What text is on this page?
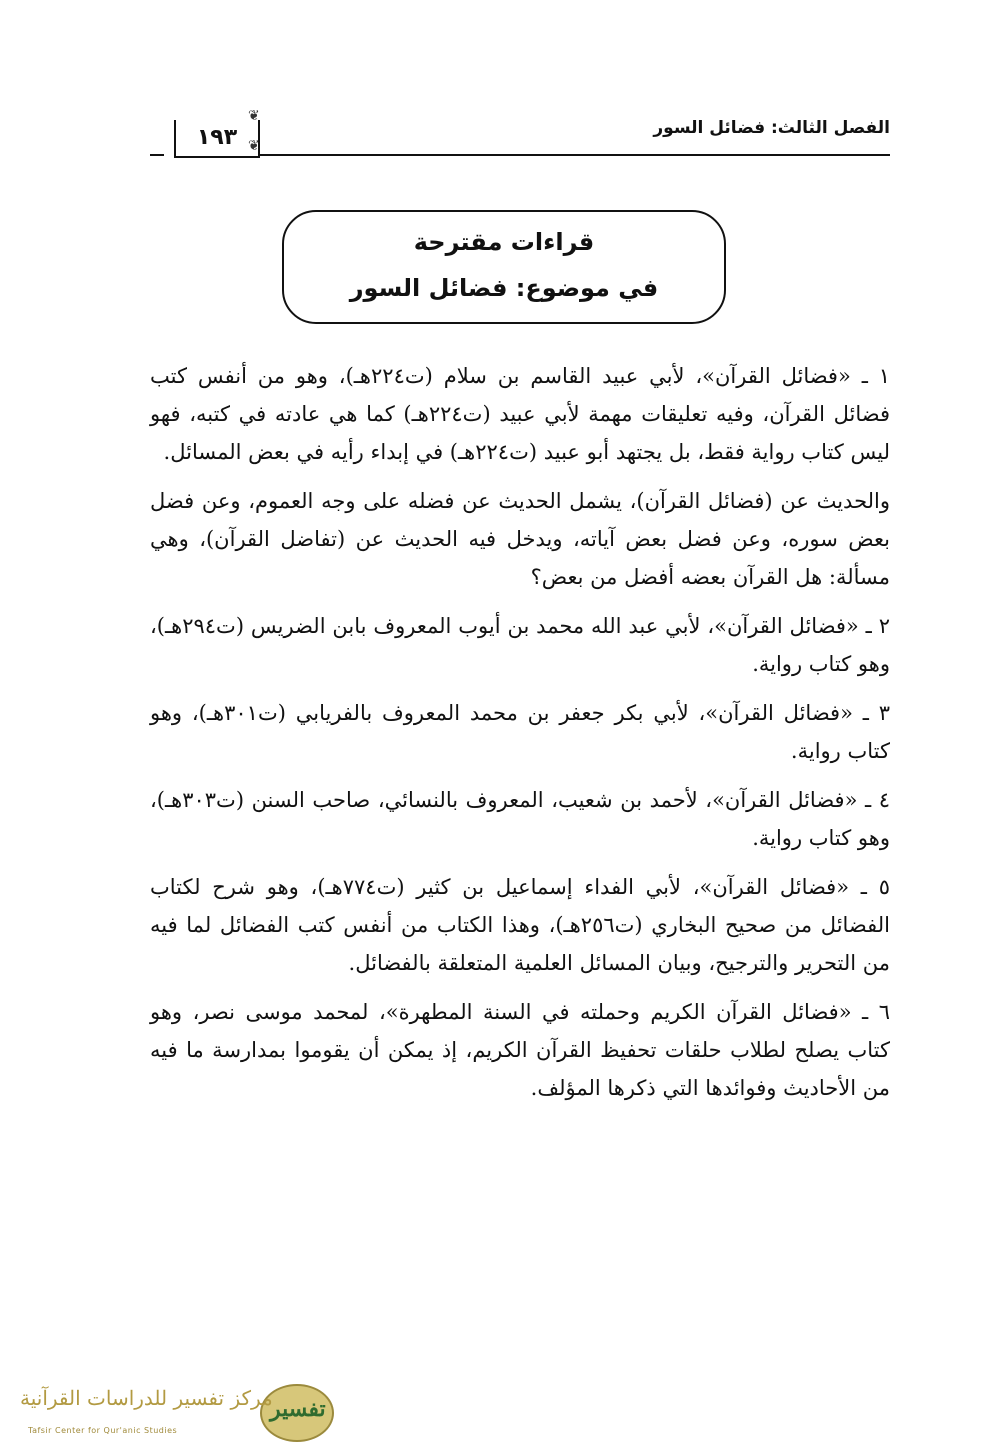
❦
❦
١٩٣	الفصل الثالث: فضائل السور
قراءات مقترحة
في موضوع: فضائل السور

١ ـ «فضائل القرآن»، لأبي عبيد القاسم بن سلام (ت٢٢٤هـ)، وهو من أنفس كتب فضائل القرآن، وفيه تعليقات مهمة لأبي عبيد (ت٢٢٤هـ) كما هي عادته في كتبه، فهو ليس كتاب رواية فقط، بل يجتهد أبو عبيد (ت٢٢٤هـ) في إبداء رأيه في بعض المسائل.

والحديث عن (فضائل القرآن)، يشمل الحديث عن فضله على وجه العموم، وعن فضل بعض سوره، وعن فضل بعض آياته، ويدخل فيه الحديث عن (تفاضل القرآن)، وهي مسألة: هل القرآن بعضه أفضل من بعض؟

٢ ـ «فضائل القرآن»، لأبي عبد الله محمد بن أيوب المعروف بابن الضريس (ت٢٩٤هـ)، وهو كتاب رواية.

٣ ـ «فضائل القرآن»، لأبي بكر جعفر بن محمد المعروف بالفريابي (ت٣٠١هـ)، وهو كتاب رواية.

٤ ـ «فضائل القرآن»، لأحمد بن شعيب، المعروف بالنسائي، صاحب السنن (ت٣٠٣هـ)، وهو كتاب رواية.

٥ ـ «فضائل القرآن»، لأبي الفداء إسماعيل بن كثير (ت٧٧٤هـ)، وهو شرح لكتاب الفضائل من صحيح البخاري (ت٢٥٦هـ)، وهذا الكتاب من أنفس كتب الفضائل لما فيه من التحرير والترجيح، وبيان المسائل العلمية المتعلقة بالفضائل.

٦ ـ «فضائل القرآن الكريم وحملته في السنة المطهرة»، لمحمد موسى نصر، وهو كتاب يصلح لطلاب حلقات تحفيظ القرآن الكريم، إذ يمكن أن يقوموا بمدارسة ما فيه من الأحاديث وفوائدها التي ذكرها المؤلف.

تفسير
مركز تفسير للدراسات القرآنية
Tafsir Center for Qur'anic Studies
